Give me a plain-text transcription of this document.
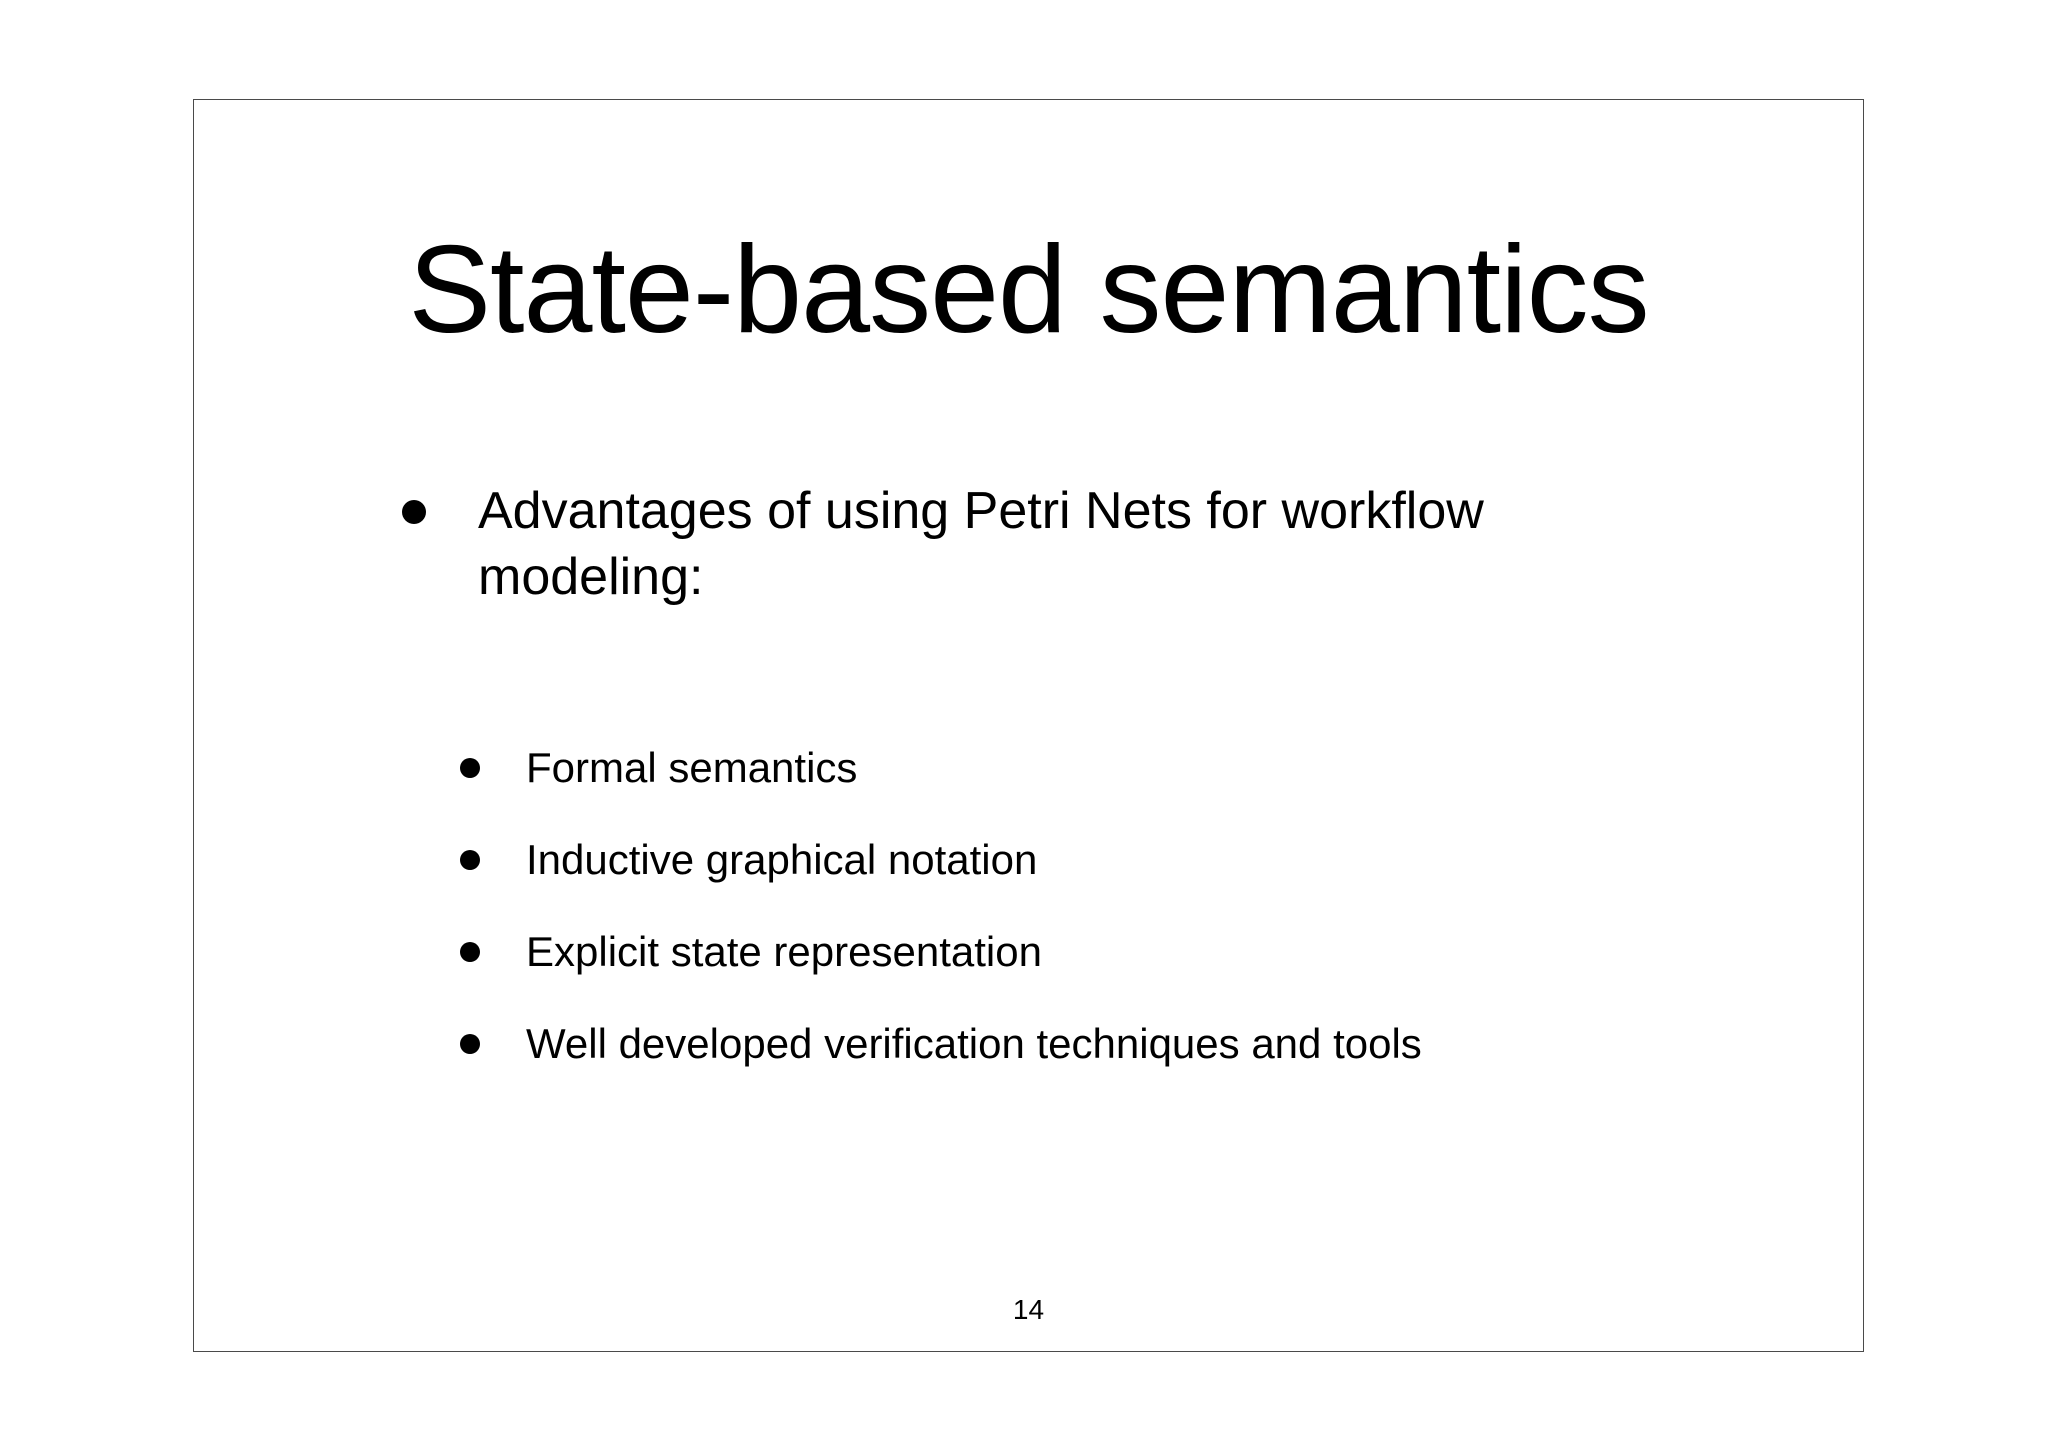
State-based semantics
Advantages of using Petri Nets for workflow modeling:
Formal semantics
Inductive graphical notation
Explicit state representation
Well developed verification techniques and tools
14
